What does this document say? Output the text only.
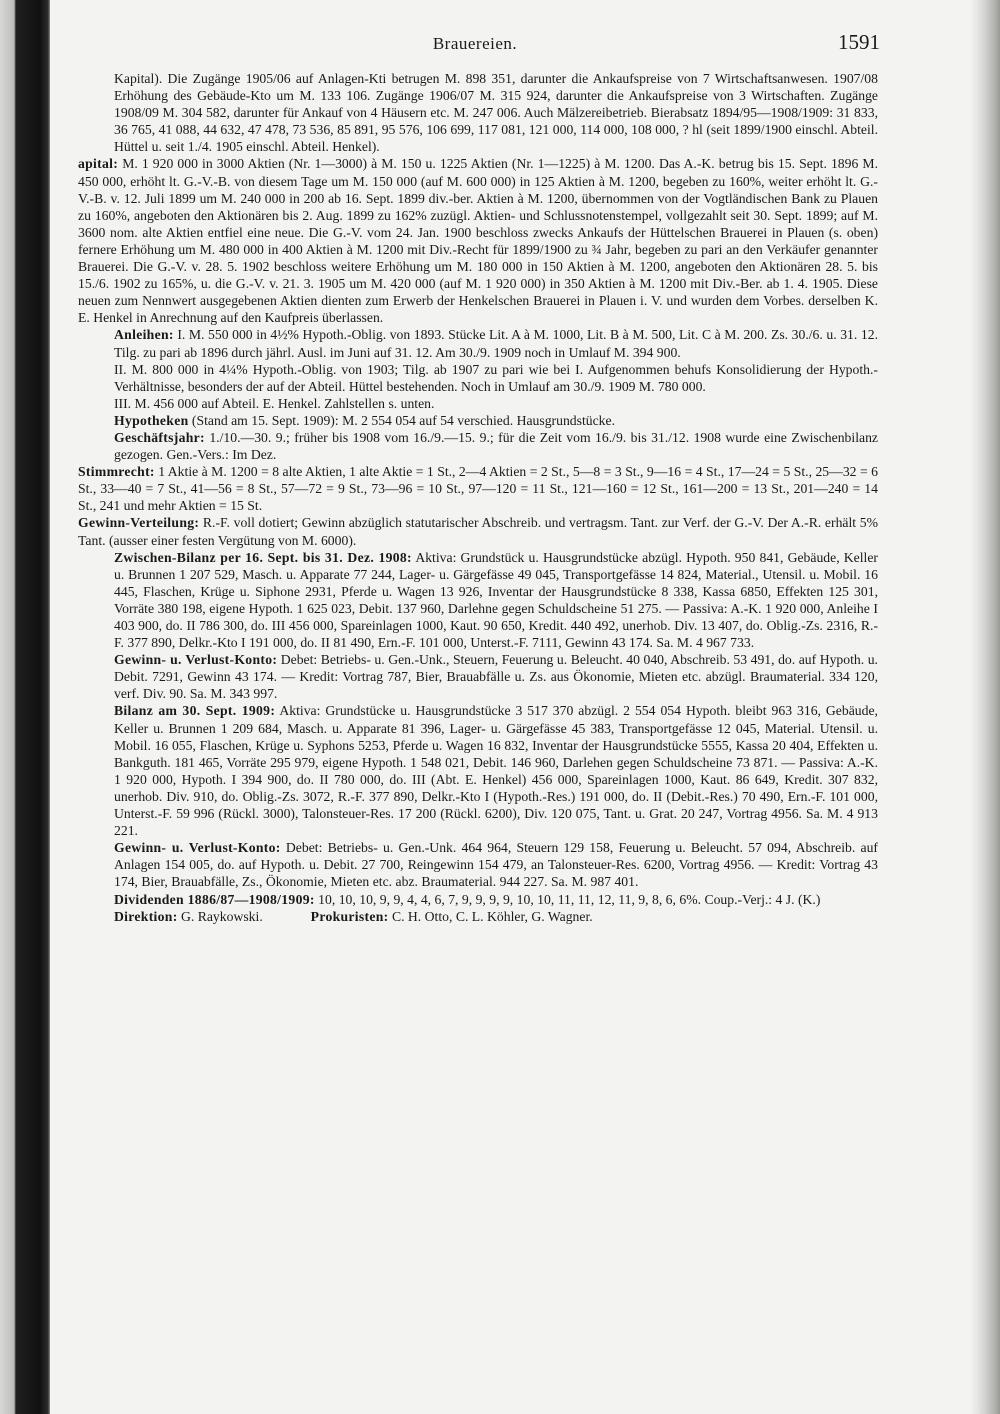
Brauereien.	1591

Kapital). Die Zugänge 1905/06 auf Anlagen-Kti betrugen M. 898 351, darunter die Ankaufspreise von 7 Wirtschaftsanwesen. 1907/08 Erhöhung des Gebäude-Kto um M. 133 106. Zugänge 1906/07 M. 315 924, darunter die Ankaufspreise von 3 Wirtschaften. Zugänge 1908/09 M. 304 582, darunter für Ankauf von 4 Häusern etc. M. 247 006. Auch Mälzereibetrieb. Bierabsatz 1894/95—1908/1909: 31 833, 36 765, 41 088, 44 632, 47 478, 73 536, 85 891, 95 576, 106 699, 117 081, 121 000, 114 000, 108 000, ? hl (seit 1899/1900 einschl. Abteil. Hüttel u. seit 1./4. 1905 einschl. Abteil. Henkel).

apital: M. 1 920 000 in 3000 Aktien (Nr. 1—3000) à M. 150 u. 1225 Aktien (Nr. 1—1225) à M. 1200. Das A.-K. betrug bis 15. Sept. 1896 M. 450 000, erhöht lt. G.-V.-B. von diesem Tage um M. 150 000 (auf M. 600 000) in 125 Aktien à M. 1200, begeben zu 160%, weiter erhöht lt. G.-V.-B. v. 12. Juli 1899 um M. 240 000 in 200 ab 16. Sept. 1899 div.-ber. Aktien à M. 1200, übernommen von der Vogtländischen Bank zu Plauen zu 160%, angeboten den Aktionären bis 2. Aug. 1899 zu 162% zuzügl. Aktien- und Schlussnotenstempel, vollgezahlt seit 30. Sept. 1899; auf M. 3600 nom. alte Aktien entfiel eine neue. Die G.-V. vom 24. Jan. 1900 beschloss zwecks Ankaufs der Hüttelschen Brauerei in Plauen (s. oben) fernere Erhöhung um M. 480 000 in 400 Aktien à M. 1200 mit Div.-Recht für 1899/1900 zu ¾ Jahr, begeben zu pari an den Verkäufer genannter Brauerei. Die G.-V. v. 28. 5. 1902 beschloss weitere Erhöhung um M. 180 000 in 150 Aktien à M. 1200, angeboten den Aktionären 28. 5. bis 15./6. 1902 zu 165%, u. die G.-V. v. 21. 3. 1905 um M. 420 000 (auf M. 1 920 000) in 350 Aktien à M. 1200 mit Div.-Ber. ab 1. 4. 1905. Diese neuen zum Nennwert ausgegebenen Aktien dienten zum Erwerb der Henkelschen Brauerei in Plauen i. V. und wurden dem Vorbes. derselben K. E. Henkel in Anrechnung auf den Kaufpreis überlassen.

Anleihen: I. M. 550 000 in 4½% Hypoth.-Oblig. von 1893. Stücke Lit. A à M. 1000, Lit. B à M. 500, Lit. C à M. 200. Zs. 30./6. u. 31. 12. Tilg. zu pari ab 1896 durch jährl. Ausl. im Juni auf 31. 12. Am 30./9. 1909 noch in Umlauf M. 394 900.

II. M. 800 000 in 4¼% Hypoth.-Oblig. von 1903; Tilg. ab 1907 zu pari wie bei I. Aufgenommen behufs Konsolidierung der Hypoth.-Verhältnisse, besonders der auf der Abteil. Hüttel bestehenden. Noch in Umlauf am 30./9. 1909 M. 780 000.

III. M. 456 000 auf Abteil. E. Henkel. Zahlstellen s. unten.

Hypotheken (Stand am 15. Sept. 1909): M. 2 554 054 auf 54 verschied. Hausgrundstücke.

Geschäftsjahr: 1./10.—30. 9.; früher bis 1908 vom 16./9.—15. 9.; für die Zeit vom 16./9. bis 31./12. 1908 wurde eine Zwischenbilanz gezogen. Gen.-Vers.: Im Dez.

Stimmrecht: 1 Aktie à M. 1200 = 8 alte Aktien, 1 alte Aktie = 1 St., 2—4 Aktien = 2 St., 5—8 = 3 St., 9—16 = 4 St., 17—24 = 5 St., 25—32 = 6 St., 33—40 = 7 St., 41—56 = 8 St., 57—72 = 9 St., 73—96 = 10 St., 97—120 = 11 St., 121—160 = 12 St., 161—200 = 13 St., 201—240 = 14 St., 241 und mehr Aktien = 15 St.

Gewinn-Verteilung: R.-F. voll dotiert; Gewinn abzüglich statutarischer Abschreib. und vertragsm. Tant. zur Verf. der G.-V. Der A.-R. erhält 5% Tant. (ausser einer festen Vergütung von M. 6000).

Zwischen-Bilanz per 16. Sept. bis 31. Dez. 1908: Aktiva: Grundstück u. Hausgrundstücke abzügl. Hypoth. 950 841, Gebäude, Keller u. Brunnen 1 207 529, Masch. u. Apparate 77 244, Lager- u. Gärgefässe 49 045, Transportgefässe 14 824, Material., Utensil. u. Mobil. 16 445, Flaschen, Krüge u. Siphone 2931, Pferde u. Wagen 13 926, Inventar der Hausgrundstücke 8 338, Kassa 6850, Effekten 125 301, Vorräte 380 198, eigene Hypoth. 1 625 023, Debit. 137 960, Darlehne gegen Schuldscheine 51 275. — Passiva: A.-K. 1 920 000, Anleihe I 403 900, do. II 786 300, do. III 456 000, Spareinlagen 1000, Kaut. 90 650, Kredit. 440 492, unerhob. Div. 13 407, do. Oblig.-Zs. 2316, R.-F. 377 890, Delkr.-Kto I 191 000, do. II 81 490, Ern.-F. 101 000, Unterst.-F. 7111, Gewinn 43 174. Sa. M. 4 967 733.

Gewinn- u. Verlust-Konto: Debet: Betriebs- u. Gen.-Unk., Steuern, Feuerung u. Beleucht. 40 040, Abschreib. 53 491, do. auf Hypoth. u. Debit. 7291, Gewinn 43 174. — Kredit: Vortrag 787, Bier, Brauabfälle u. Zs. aus Ökonomie, Mieten etc. abzügl. Braumaterial. 334 120, verf. Div. 90. Sa. M. 343 997.

Bilanz am 30. Sept. 1909: Aktiva: Grundstücke u. Hausgrundstücke 3 517 370 abzügl. 2 554 054 Hypoth. bleibt 963 316, Gebäude, Keller u. Brunnen 1 209 684, Masch. u. Apparate 81 396, Lager- u. Gärgefässe 45 383, Transportgefässe 12 045, Material. Utensil. u. Mobil. 16 055, Flaschen, Krüge u. Syphons 5253, Pferde u. Wagen 16 832, Inventar der Hausgrundstücke 5555, Kassa 20 404, Effekten u. Bankguth. 181 465, Vorräte 295 979, eigene Hypoth. 1 548 021, Debit. 146 960, Darlehen gegen Schuldscheine 73 871. — Passiva: A.-K. 1 920 000, Hypoth. I 394 900, do. II 780 000, do. III (Abt. E. Henkel) 456 000, Spareinlagen 1000, Kaut. 86 649, Kredit. 307 832, unerhob. Div. 910, do. Oblig.-Zs. 3072, R.-F. 377 890, Delkr.-Kto I (Hypoth.-Res.) 191 000, do. II (Debit.-Res.) 70 490, Ern.-F. 101 000, Unterst.-F. 59 996 (Rückl. 3000), Talonsteuer-Res. 17 200 (Rückl. 6200), Div. 120 075, Tant. u. Grat. 20 247, Vortrag 4956. Sa. M. 4 913 221.

Gewinn- u. Verlust-Konto: Debet: Betriebs- u. Gen.-Unk. 464 964, Steuern 129 158, Feuerung u. Beleucht. 57 094, Abschreib. auf Anlagen 154 005, do. auf Hypoth. u. Debit. 27 700, Reingewinn 154 479, an Talonsteuer-Res. 6200, Vortrag 4956. — Kredit: Vortrag 43 174, Bier, Brauabfälle, Zs., Ökonomie, Mieten etc. abz. Braumaterial. 944 227. Sa. M. 987 401.

Dividenden 1886/87—1908/1909: 10, 10, 10, 9, 9, 4, 4, 6, 7, 9, 9, 9, 9, 10, 10, 11, 11, 12, 11, 9, 8, 6, 6%. Coup.-Verj.: 4 J. (K.)

Direktion: G. Raykowski.	Prokuristen: C. H. Otto, C. L. Köhler, G. Wagner.
